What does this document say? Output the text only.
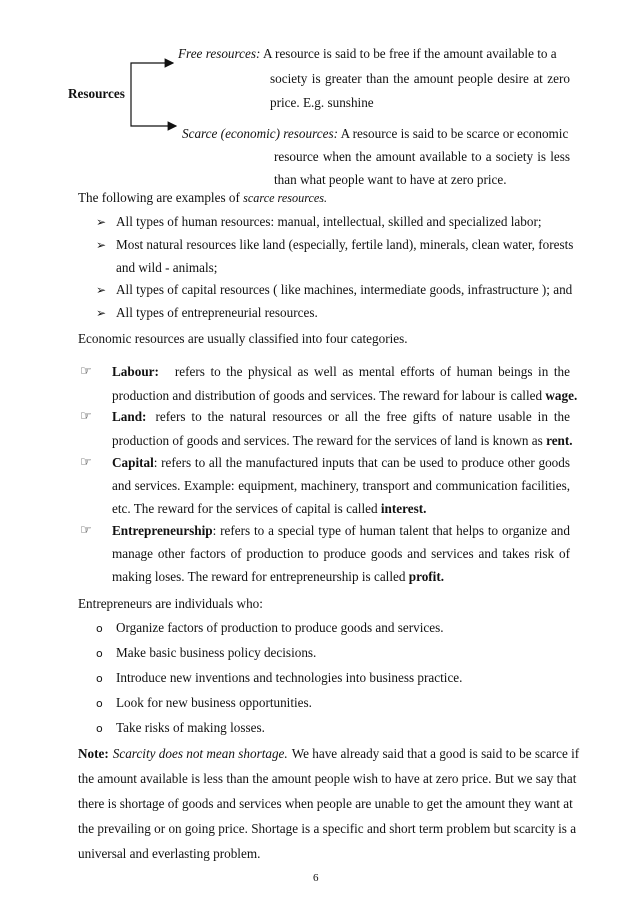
Resources
Free resources: A resource is said to be free if the amount available to a
society is greater than the amount people desire at zero
price. E.g. sunshine
Scarce (economic) resources: A resource is said to be scarce or economic
resource when the amount available to a society is less
than what people want to have at zero price.
The following are examples of scarce resources.
➢ All types of human resources: manual, intellectual, skilled and specialized labor;
➢ Most natural resources like land (especially, fertile land), minerals, clean water, forests
and wild - animals;
➢ All types of capital resources ( like machines, intermediate goods, infrastructure ); and
➢ All types of entrepreneurial resources.
Economic resources are usually classified into four categories.
☞ Labour: refers to the physical as well as mental efforts of human beings in the
production and distribution of goods and services. The reward for labour is called wage.
☞ Land: refers to the natural resources or all the free gifts of nature usable in the
production of goods and services. The reward for the services of land is known as rent.
☞ Capital : refers to all the manufactured inputs that can be used to produce other goods
and services. Example: equipment, machinery, transport and communication facilities,
etc. The reward for the services of capital is called interest.
☞ Entrepreneurship : refers to a special type of human talent that helps to organize and
manage other factors of production to produce goods and services and takes risk of
making loses. The reward for entrepreneurship is called profit.
Entrepreneurs are individuals who:
o Organize factors of production to produce goods and services.
o Make basic business policy decisions.
o Introduce new inventions and technologies into business practice.
o Look for new business opportunities.
o Take risks of making losses.
Note: Scarcity does not mean shortage. We have already said that a good is said to be scarce if
the amount available is less than the amount people wish to have at zero price. But we say that
there is shortage of goods and services when people are unable to get the amount they want at
the prevailing or on going price. Shortage is a specific and short term problem but scarcity is a
universal and everlasting problem.
6
